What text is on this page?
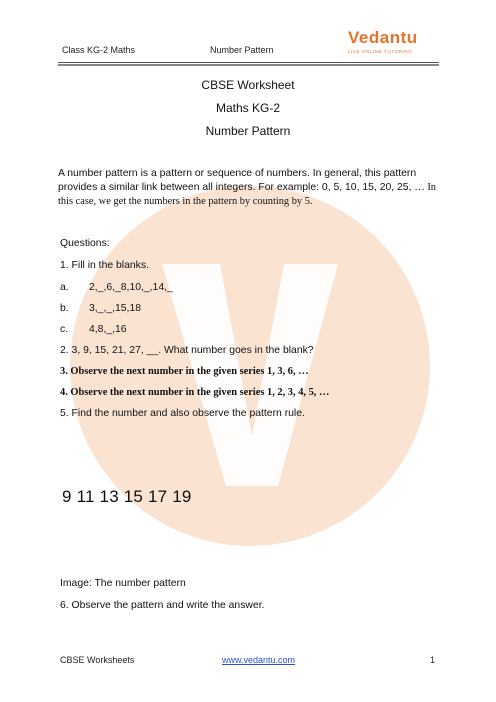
Class KG-2 Maths	Number Pattern
Vedantu
LIVE ONLINE TUTORING
CBSE Worksheet
Maths KG-2
Number Pattern
A number pattern is a pattern or sequence of numbers. In general, this pattern provides a similar link between all integers. For example: 0, 5, 10, 15, 20, 25, … In this case, we get the numbers in the pattern by counting by 5.
Questions:
1. Fill in the blanks.
a. 2,_,6,_8,10,_,14,_
b. 3,_,_,15,18
c. 4,8,_,16
2. 3, 9, 15, 21, 27, __. What number goes in the blank?
3. Observe the next number in the given series 1, 3, 6, …
4. Observe the next number in the given series 1, 2, 3, 4, 5, …
5. Find the number and also observe the pattern rule.
9 11 13 15 17 19
Image: The number pattern
6. Observe the pattern and write the answer.
CBSE Worksheets	www.vedantu.com	1
